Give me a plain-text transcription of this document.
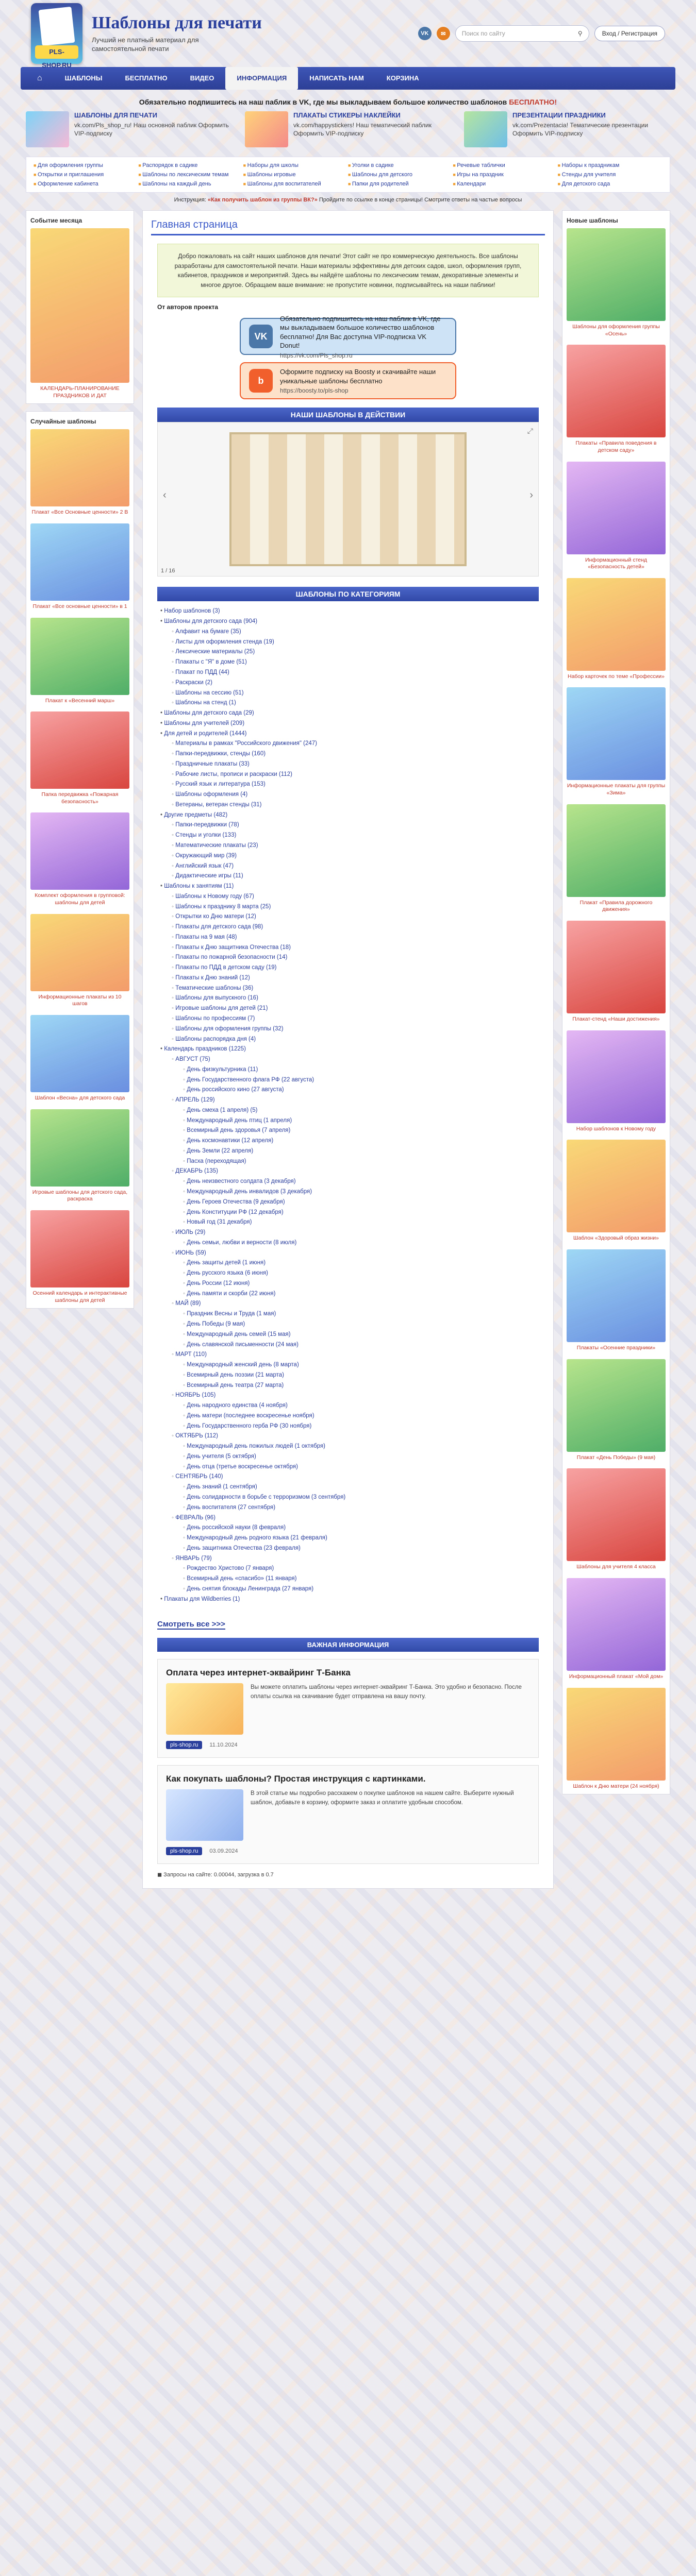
PLS-SHOP.RU
Шаблоны для печати

Лучший не платный материал для самостоятельной печати

VK	✉	Поиск по сайту	⚲	Вход / Регистрация
⌂	ШАБЛОНЫ	БЕСПЛАТНО	ВИДЕО	ИНФОРМАЦИЯ	НАПИСАТЬ НАМ	КОРЗИНА
Обязательно подпишитесь на наш паблик в VK, где мы выкладываем большое количество шаблонов БЕСПЛАТНО!
ШАБЛОНЫ ДЛЯ ПЕЧАТИ
vk.com/Pls_shop_ru! Наш основной паблик Оформить VIP-подписку
ПЛАКАТЫ СТИКЕРЫ НАКЛЕЙКИ
vk.com/happystickers! Наш тематический паблик Оформить VIP-подписку
ПРЕЗЕНТАЦИИ ПРАЗДНИКИ
vk.com/Prezentacia! Тематические презентации Оформить VIP-подписку
■ Для оформления группы	■ Распорядок в садике	■ Наборы для школы	■ Уголки в садике	■ Речевые таблички	■ Наборы к праздникам
■ Открытки и приглашения	■ Шаблоны по лексическим темам	■ Шаблоны игровые	■ Шаблоны для детского	■ Игры на праздник	■ Стенды для учителя
■ Оформление кабинета	■ Шаблоны на каждый день	■ Шаблоны для воспитателей	■ Папки для родителей	■ Календари	■ Для детского сада
Инструкция: «Как получить шаблон из группы ВК?» Пройдите по ссылке в конце страницы! Смотрите ответы на частые вопросы
Событие месяца
КАЛЕНДАРЬ-ПЛАНИРОВАНИЕ ПРАЗДНИКОВ И ДАТ
Случайные шаблоны
Плакат «Все Основные ценности» 2 В
Плакат «Все основные ценности» в 1
Плакат к «Весенний марш»
Папка передвижка «Пожарная безопасность»
Комплект оформления в групповой: шаблоны для детей
Информационные плакаты из 10 шагов
Шаблон «Весна» для детского сада
Игровые шаблоны для детского сада, раскраска
Осенний календарь и интерактивные шаблоны для детей
Главная страница
Добро пожаловать на сайт наших шаблонов для печати! Этот сайт не про коммерческую деятельность. Все шаблоны разработаны для самостоятельной печати. Наши материалы эффективны для детских садов, школ, оформления групп, кабинетов, праздников и мероприятий. Здесь вы найдёте шаблоны по лексическим темам, декоративные элементы и многое другое. Обращаем ваше внимание: не пропустите новинки, подписывайтесь на наши паблики!
От авторов проекта
VK
Обязательно подпишитесь на наш паблик в VK, где мы выкладываем большое количество шаблонов бесплатно! Для Вас доступна VIP-подписка VK Donut!
https://vk.com/Pls_shop.ru
b
Оформите подписку на Boosty и скачивайте наши уникальные шаблоны бесплатно
https://boosty.to/pls-shop
НАШИ ШАБЛОНЫ В ДЕЙСТВИИ
‹	›
⤢
1 / 16
ШАБЛОНЫ ПО КАТЕГОРИЯМ
• Набор шаблонов (3)
• Шаблоны для детского сада (904)
◦ Алфавит на бумаге (35)
◦ Листы для оформления стенда (19)
◦ Лексические материалы (25)
◦ Плакаты с "Я" в доме (51)
◦ Плакат по ПДД (44)
◦ Раскраски (2)
◦ Шаблоны на сессию (51)
◦ Шаблоны на стенд (1)
• Шаблоны для детского сада (29)
• Шаблоны для учителей (209)
• Для детей и родителей (1444)
◦ Материалы в рамках "Российского движения" (247)
◦ Папки-передвижки, стенды (160)
◦ Праздничные плакаты (33)
◦ Рабочие листы, прописи и раскраски (112)
◦ Русский язык и литература (153)
◦ Шаблоны оформления (4)
◦ Ветераны, ветеран стенды (31)
• Другие предметы (482)
◦ Папки-передвижки (78)
◦ Стенды и уголки (133)
◦ Математические плакаты (23)
◦ Окружающий мир (39)
◦ Английский язык (47)
◦ Дидактические игры (11)
• Шаблоны к занятиям (11)
◦ Шаблоны к Новому году (67)
◦ Шаблоны к празднику 8 марта (25)
◦ Открытки ко Дню матери (12)
◦ Плакаты для детского сада (98)
◦ Плакаты на 9 мая (48)
◦ Плакаты к Дню защитника Отечества (18)
◦ Плакаты по пожарной безопасности (14)
◦ Плакаты по ПДД в детском саду (19)
◦ Плакаты к Дню знаний (12)
◦ Тематические шаблоны (36)
◦ Шаблоны для выпускного (16)
◦ Игровые шаблоны для детей (21)
◦ Шаблоны по профессиям (7)
◦ Шаблоны для оформления группы (32)
◦ Шаблоны распорядка дня (4)
• Календарь праздников (1225)
◦ АВГУСТ (75)
◦ День физкультурника (11)
◦ День Государственного флага РФ (22 августа)
◦ День российского кино (27 августа)
◦ АПРЕЛЬ (129)
◦ День смеха (1 апреля) (5)
◦ Международный день птиц (1 апреля)
◦ Всемирный день здоровья (7 апреля)
◦ День космонавтики (12 апреля)
◦ День Земли (22 апреля)
◦ Пасха (переходящая)
◦ ДЕКАБРЬ (135)
◦ День неизвестного солдата (3 декабря)
◦ Международный день инвалидов (3 декабря)
◦ День Героев Отечества (9 декабря)
◦ День Конституции РФ (12 декабря)
◦ Новый год (31 декабря)
◦ ИЮЛЬ (29)
◦ День семьи, любви и верности (8 июля)
◦ ИЮНЬ (59)
◦ День защиты детей (1 июня)
◦ День русского языка (6 июня)
◦ День России (12 июня)
◦ День памяти и скорби (22 июня)
◦ МАЙ (89)
◦ Праздник Весны и Труда (1 мая)
◦ День Победы (9 мая)
◦ Международный день семей (15 мая)
◦ День славянской письменности (24 мая)
◦ МАРТ (110)
◦ Международный женский день (8 марта)
◦ Всемирный день поэзии (21 марта)
◦ Всемирный день театра (27 марта)
◦ НОЯБРЬ (105)
◦ День народного единства (4 ноября)
◦ День матери (последнее воскресенье ноября)
◦ День Государственного герба РФ (30 ноября)
◦ ОКТЯБРЬ (112)
◦ Международный день пожилых людей (1 октября)
◦ День учителя (5 октября)
◦ День отца (третье воскресенье октября)
◦ СЕНТЯБРЬ (140)
◦ День знаний (1 сентября)
◦ День солидарности в борьбе с терроризмом (3 сентября)
◦ День воспитателя (27 сентября)
◦ ФЕВРАЛЬ (96)
◦ День российской науки (8 февраля)
◦ Международный день родного языка (21 февраля)
◦ День защитника Отечества (23 февраля)
◦ ЯНВАРЬ (79)
◦ Рождество Христово (7 января)
◦ Всемирный день «спасибо» (11 января)
◦ День снятия блокады Ленинграда (27 января)
• Плакаты для Wildberries (1)
Смотреть все >>>
ВАЖНАЯ ИНФОРМАЦИЯ
Оплата через интернет-эквайринг Т-Банка
Вы можете оплатить шаблоны через интернет-эквайринг Т-Банка. Это удобно и безопасно. После оплаты ссылка на скачивание будет отправлена на вашу почту.
pls-shop.ru	11.10.2024
Как покупать шаблоны? Простая инструкция с картинками.
В этой статье мы подробно расскажем о покупке шаблонов на нашем сайте. Выберите нужный шаблон, добавьте в корзину, оформите заказ и оплатите удобным способом.
pls-shop.ru	03.09.2024
◼ Запросы на сайте: 0.00044, загрузка в 0.7
Новые шаблоны
Шаблоны для оформления группы «Осень»
Плакаты «Правила поведения в детском саду»
Информационный стенд «Безопасность детей»
Набор карточек по теме «Профессии»
Информационные плакаты для группы «Зима»
Плакат «Правила дорожного движения»
Плакат-стенд «Наши достижения»
Набор шаблонов к Новому году
Шаблон «Здоровый образ жизни»
Плакаты «Осенние праздники»
Плакат «День Победы» (9 мая)
Шаблоны для учителя 4 класса
Информационный плакат «Мой дом»
Шаблон к Дню матери (24 ноября)
